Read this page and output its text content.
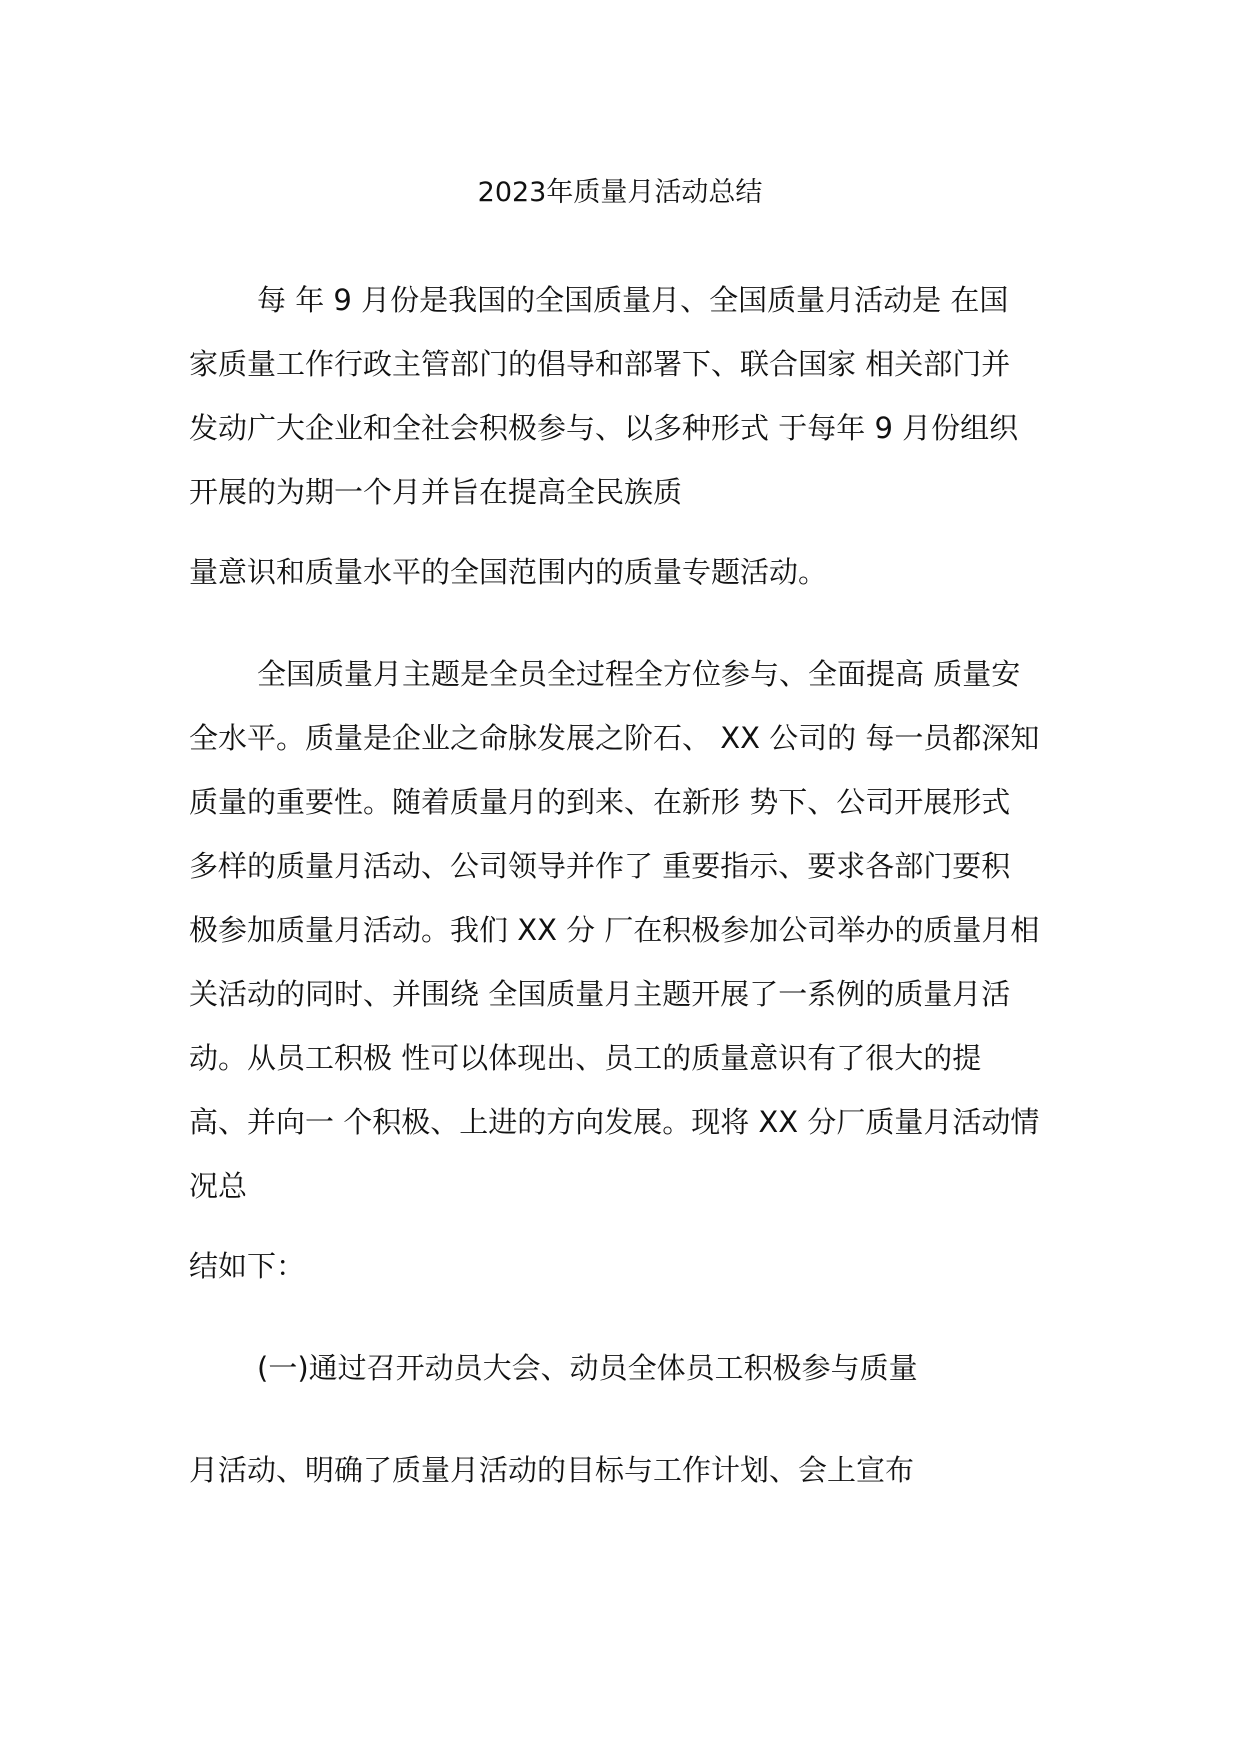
2023年质量月活动总结
每 年 9 月份是我国的全国质量月、全国质量月活动是 在国
家质量工作行政主管部门的倡导和部署下、联合国家 相关部门并
发动广大企业和全社会积极参与、以多种形式 于每年 9 月份组织
开展的为期一个月并旨在提高全民族质
量意识和质量水平的全国范围内的质量专题活动。
全国质量月主题是全员全过程全方位参与、全面提高 质量安
全水平。质量是企业之命脉发展之阶石、 XX 公司的 每一员都深知
质量的重要性。随着质量月的到来、在新形 势下、公司开展形式
多样的质量月活动、公司领导并作了 重要指示、要求各部门要积
极参加质量月活动。我们 XX 分 厂在积极参加公司举办的质量月相
关活动的同时、并围绕 全国质量月主题开展了一系例的质量月活
动。从员工积极 性可以体现出、员工的质量意识有了很大的提
高、并向一 个积极、上进的方向发展。现将 XX 分厂质量月活动情
况总
结如下：
(一)通过召开动员大会、动员全体员工积极参与质量
月活动、明确了质量月活动的目标与工作计划、会上宣布
